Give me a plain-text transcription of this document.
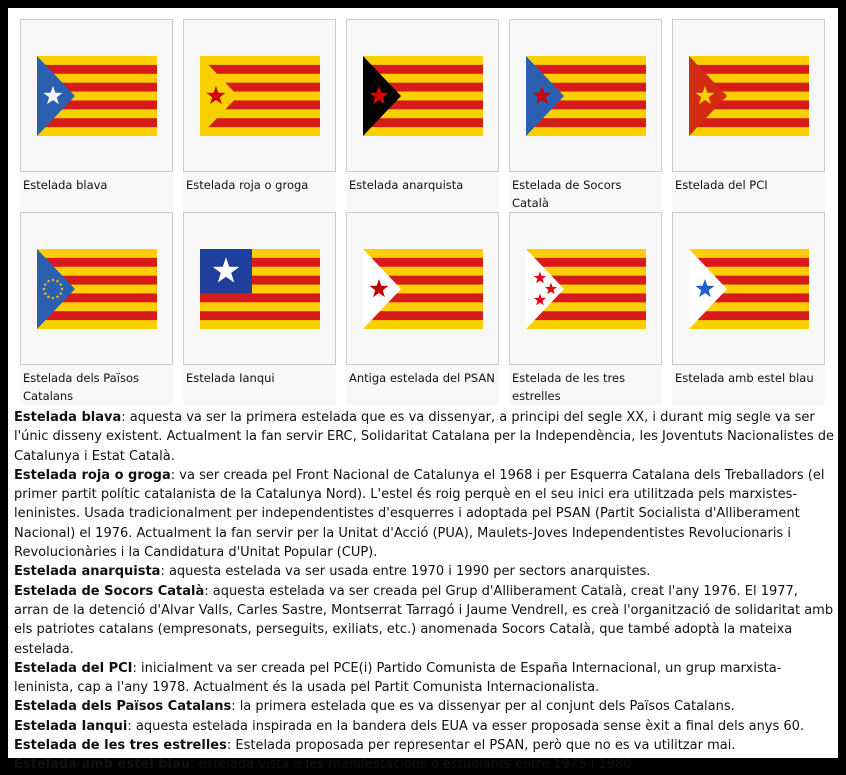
Estelada blava	Estelada roja o groga	Estelada anarquista	Estelada de Socors Català
Estelada del PCI
Estelada dels Països Catalans
Estelada Ianqui	Antiga estelada del PSAN	Estelada de les tres estrelles
Estelada amb estel blau

Estelada blava: aquesta va ser la primera estelada que es va dissenyar, a principi del segle XX, i durant mig segle va ser l'únic disseny existent. Actualment la fan servir ERC, Solidaritat Catalana per la Independència, les Joventuts Nacionalistes de Catalunya i Estat Català.

Estelada roja o groga: va ser creada pel Front Nacional de Catalunya el 1968 i per Esquerra Catalana dels Treballadors (el primer partit polític catalanista de la Catalunya Nord). L'estel és roig perquè en el seu inici era utilitzada pels marxistes-leninistes. Usada tradicionalment per independentistes d'esquerres i adoptada pel PSAN (Partit Socialista d'Alliberament Nacional) el 1976. Actualment la fan servir per la Unitat d'Acció (PUA), Maulets-Joves Independentistes Revolucionaris i Revolucionàries i la Candidatura d'Unitat Popular (CUP).

Estelada anarquista: aquesta estelada va ser usada entre 1970 i 1990 per sectors anarquistes.

Estelada de Socors Català: aquesta estelada va ser creada pel Grup d'Alliberament Català, creat l'any 1976. El 1977, arran de la detenció d'Alvar Valls, Carles Sastre, Montserrat Tarragó i Jaume Vendrell, es creà l'organització de solidaritat amb els patriotes catalans (empresonats, perseguits, exiliats, etc.) anomenada Socors Català, que també adoptà la mateixa estelada.

Estelada del PCI: inicialment va ser creada pel PCE(i) Partido Comunista de España Internacional, un grup marxista-leninista, cap a l'any 1978. Actualment és la usada pel Partit Comunista Internacionalista.

Estelada dels Països Catalans: la primera estelada que es va dissenyar per al conjunt dels Països Catalans.

Estelada Ianqui: aquesta estelada inspirada en la bandera dels EUA va esser proposada sense èxit a final dels anys 60.

Estelada de les tres estrelles: Estelada proposada per representar el PSAN, però que no es va utilitzar mai.

Estelada amb estel blau: estelada vista a les manifestacions d'estudiants entre 1975 i 1980
